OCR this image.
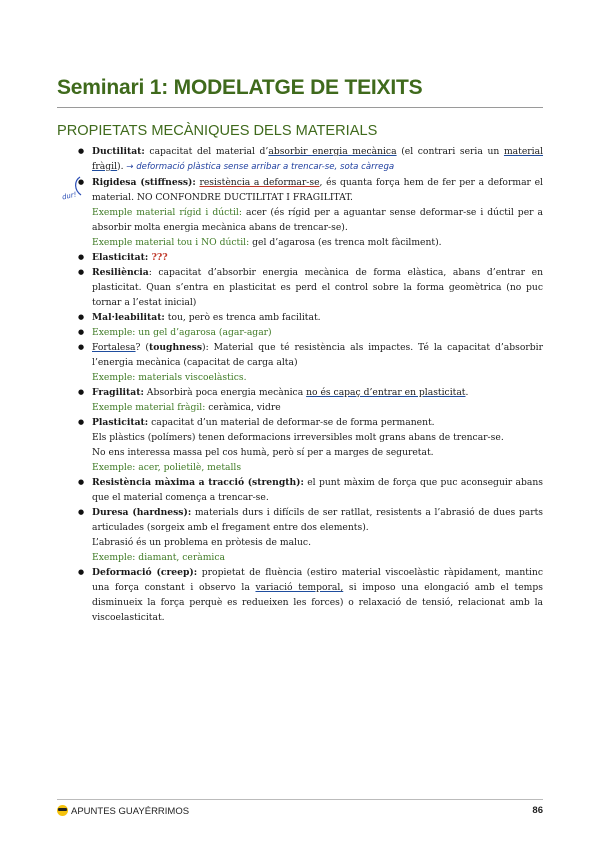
Seminari 1: MODELATGE DE TEIXITS
PROPIETATS MECÀNIQUES DELS MATERIALS
dur!
● Ductilitat: capacitat del material d’absorbir energia mecànica (el contrari seria un material fràgil). → deformació plàstica sense arribar a trencar-se, sota càrrega
● Rigidesa (stiffness): resistència a deformar-se, és quanta força hem de fer per a deformar el material. NO CONFONDRE DUCTILITAT I FRAGILITAT.
Exemple material rígid i dúctil: acer (és rígid per a aguantar sense deformar-se i dúctil per a absorbir molta energia mecànica abans de trencar-se).
Exemple material tou i NO dúctil: gel d’agarosa (es trenca molt fàcilment).
● Elasticitat: ???
● Resiliència: capacitat d’absorbir energia mecànica de forma elàstica, abans d’entrar en plasticitat. Quan s’entra en plasticitat es perd el control sobre la forma geomètrica (no puc tornar a l’estat inicial)
● Mal·leabilitat: tou, però es trenca amb facilitat.
● Exemple: un gel d’agarosa (agar-agar)
● Fortalesa? (toughness): Material que té resistència als impactes. Té la capacitat d’absorbir l’energia mecànica (capacitat de carga alta)
Exemple: materials viscoelàstics.
● Fragilitat: Absorbirà poca energia mecànica no és capaç d’entrar en plasticitat.
Exemple material fràgil: ceràmica, vidre
● Plasticitat: capacitat d’un material de deformar-se de forma permanent.
Els plàstics (polímers) tenen deformacions irreversibles molt grans abans de trencar-se.
No ens interessa massa pel cos humà, però sí per a marges de seguretat.
Exemple: acer, polietilè, metalls
● Resistència màxima a tracció (strength): el punt màxim de força que puc aconseguir abans que el material comença a trencar-se.
● Duresa (hardness): materials durs i difícils de ser ratllat, resistents a l’abrasió de dues parts articulades (sorgeix amb el fregament entre dos elements).
L’abrasió és un problema en pròtesis de maluc.
Exemple: diamant, ceràmica
● Deformació (creep): propietat de fluència (estiro material viscoelàstic ràpidament, mantinc una força constant i observo la variació temporal, si imposo una elongació amb el temps disminueix la força perquè es redueixen les forces) o relaxació de tensió, relacionat amb la viscoelasticitat.
APUNTES GUAYÉRRIMOS	86
